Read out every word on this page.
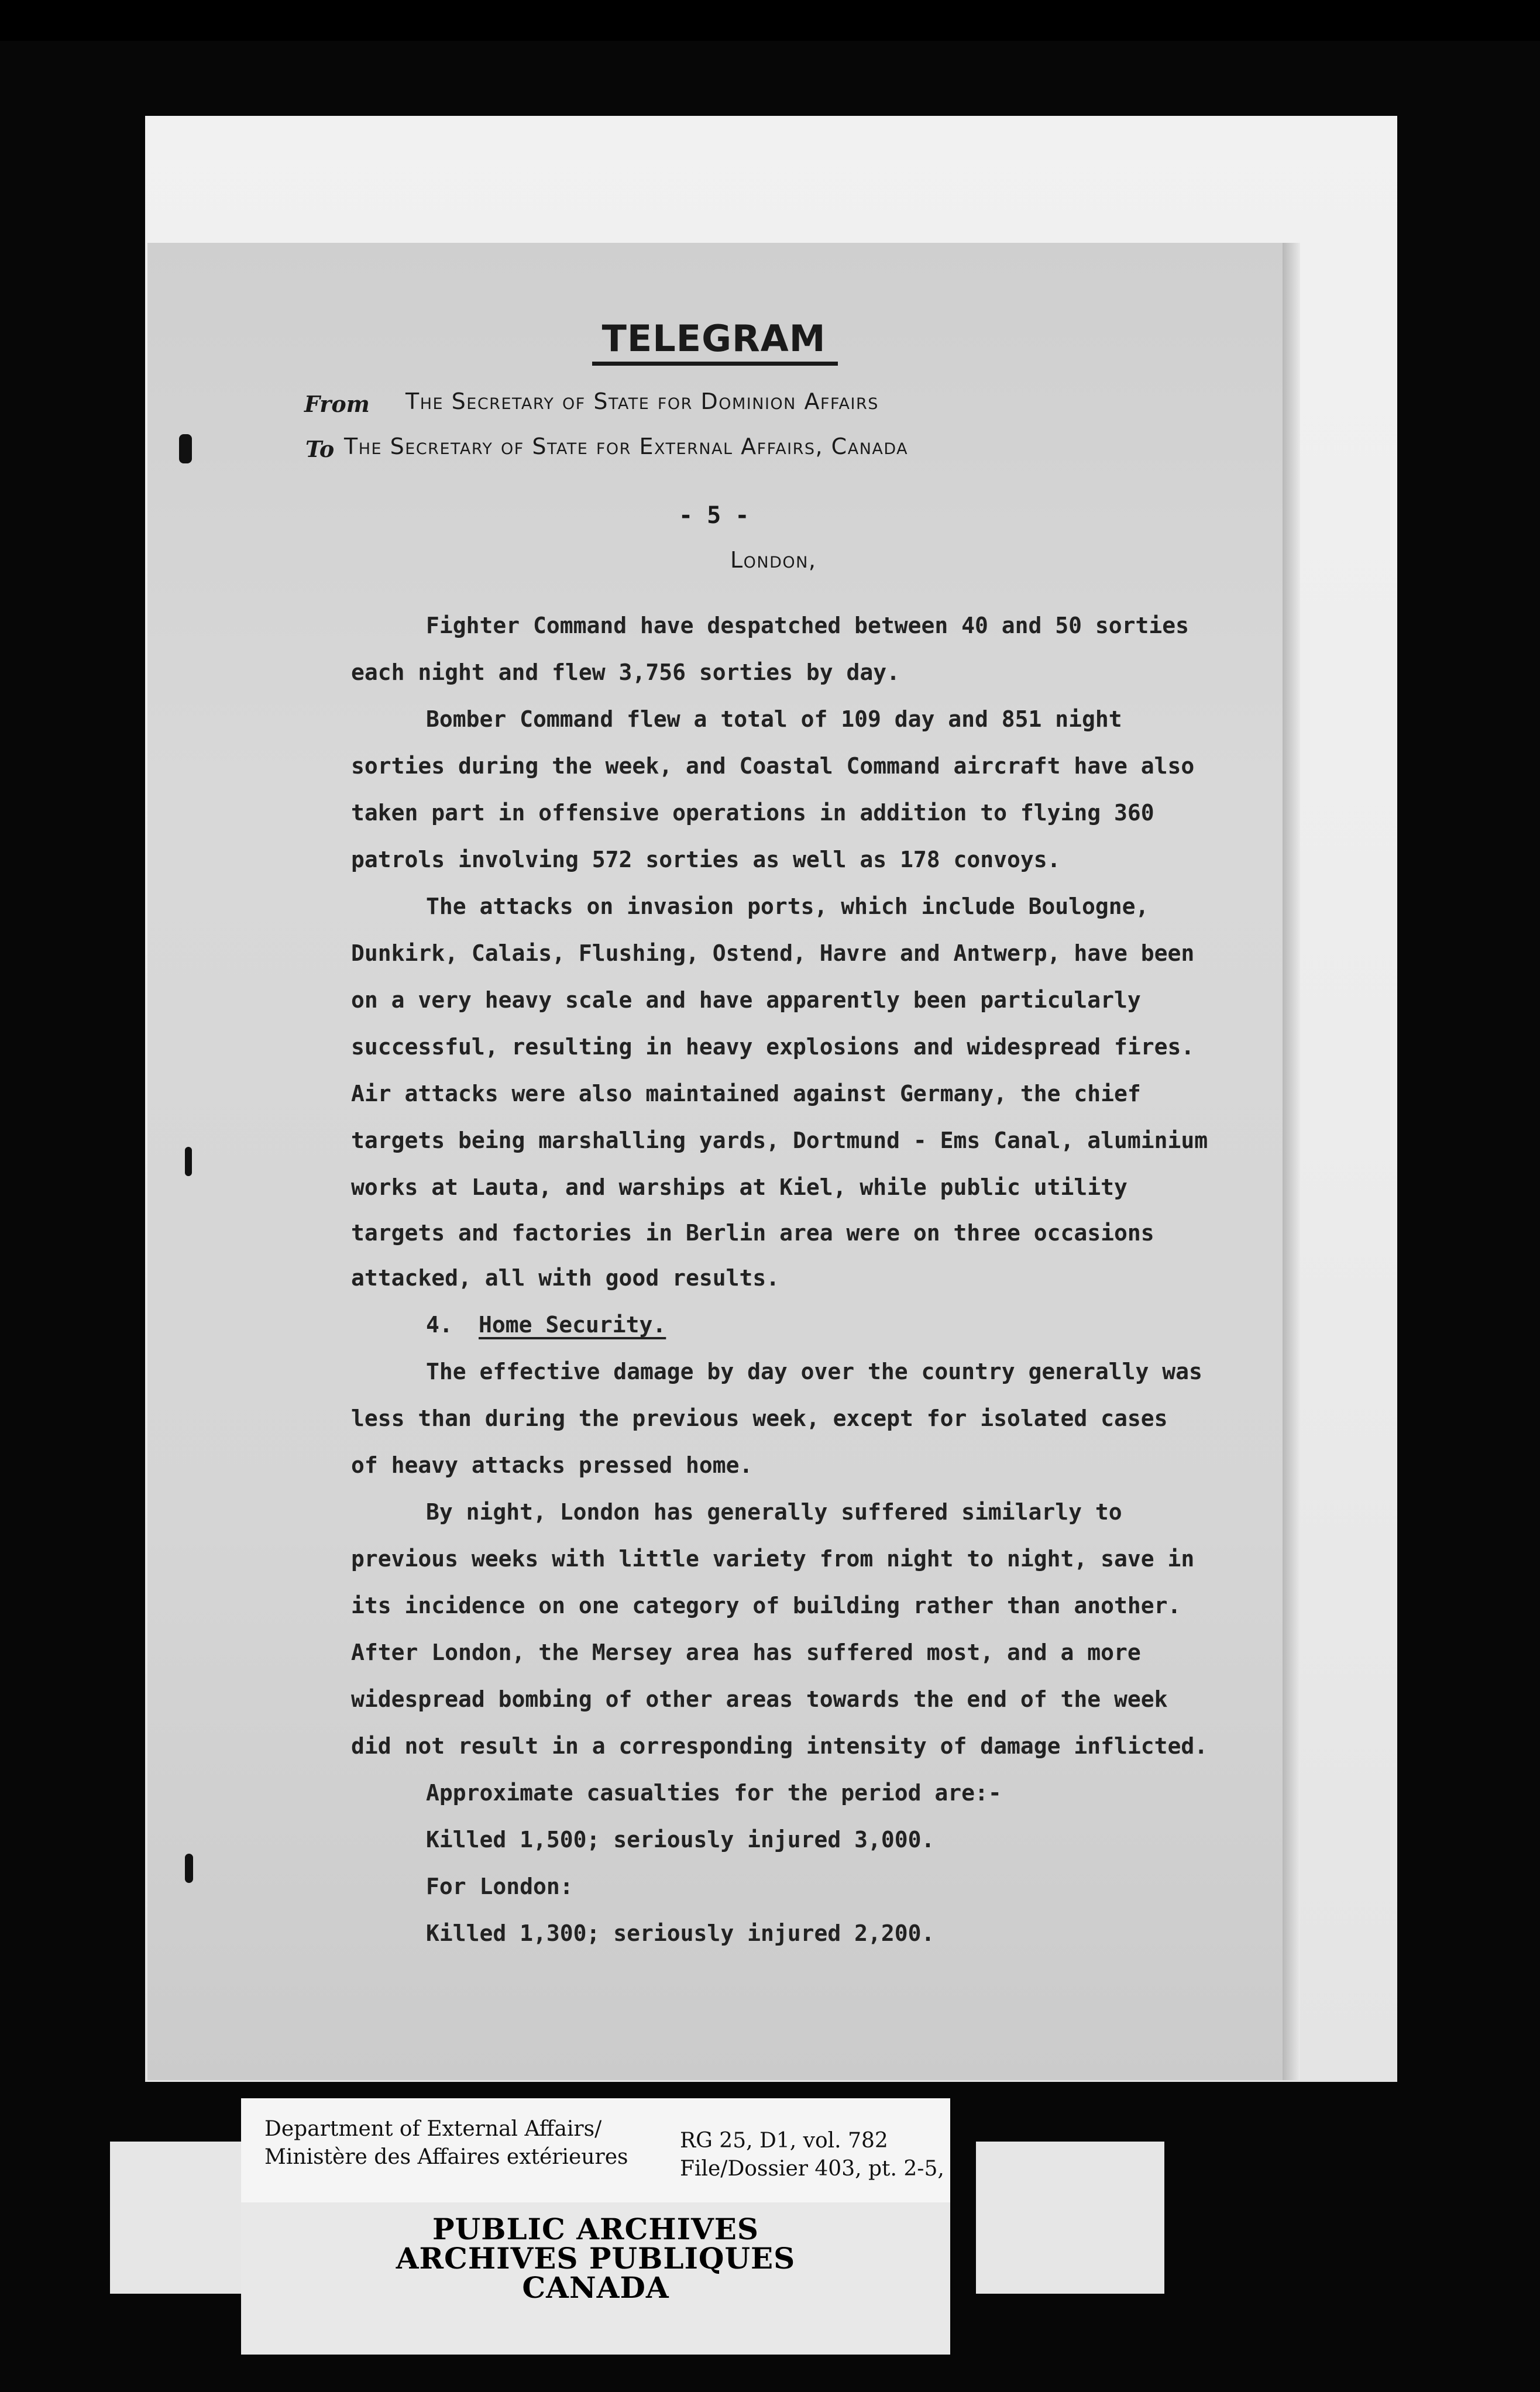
TELEGRAM
From The Secretary of State for Dominion Affairs
To The Secretary of State for External Affairs, Canada
- 5 -
London,
Fighter Command have despatched between 40 and 50 sorties
each night and flew 3,756 sorties by day.
Bomber Command flew a total of 109 day and 851 night
sorties during the week, and Coastal Command aircraft have also
taken part in offensive operations in addition to flying 360
patrols involving 572 sorties as well as 178 convoys.
The attacks on invasion ports, which include Boulogne,
Dunkirk, Calais, Flushing, Ostend, Havre and Antwerp, have been
on a very heavy scale and have apparently been particularly
successful, resulting in heavy explosions and widespread fires.
Air attacks were also maintained against Germany, the chief
targets being marshalling yards, Dortmund - Ems Canal, aluminium
works at Lauta, and warships at Kiel, while public utility
targets and factories in Berlin area were on three occasions
attacked, all with good results.
4. Home Security.
The effective damage by day over the country generally was
less than during the previous week, except for isolated cases
of heavy attacks pressed home.
By night, London has generally suffered similarly to
previous weeks with little variety from night to night, save in
its incidence on one category of building rather than another.
After London, the Mersey area has suffered most, and a more
widespread bombing of other areas towards the end of the week
did not result in a corresponding intensity of damage inflicted.
Approximate casualties for the period are:-
Killed 1,500; seriously injured 3,000.
For London:
Killed 1,300; seriously injured 2,200.
Department of External Affairs/
Ministère des Affaires extérieures
RG 25, D1, vol. 782
File/Dossier 403, pt. 2-5,
PUBLIC ARCHIVES
ARCHIVES PUBLIQUES
CANADA
